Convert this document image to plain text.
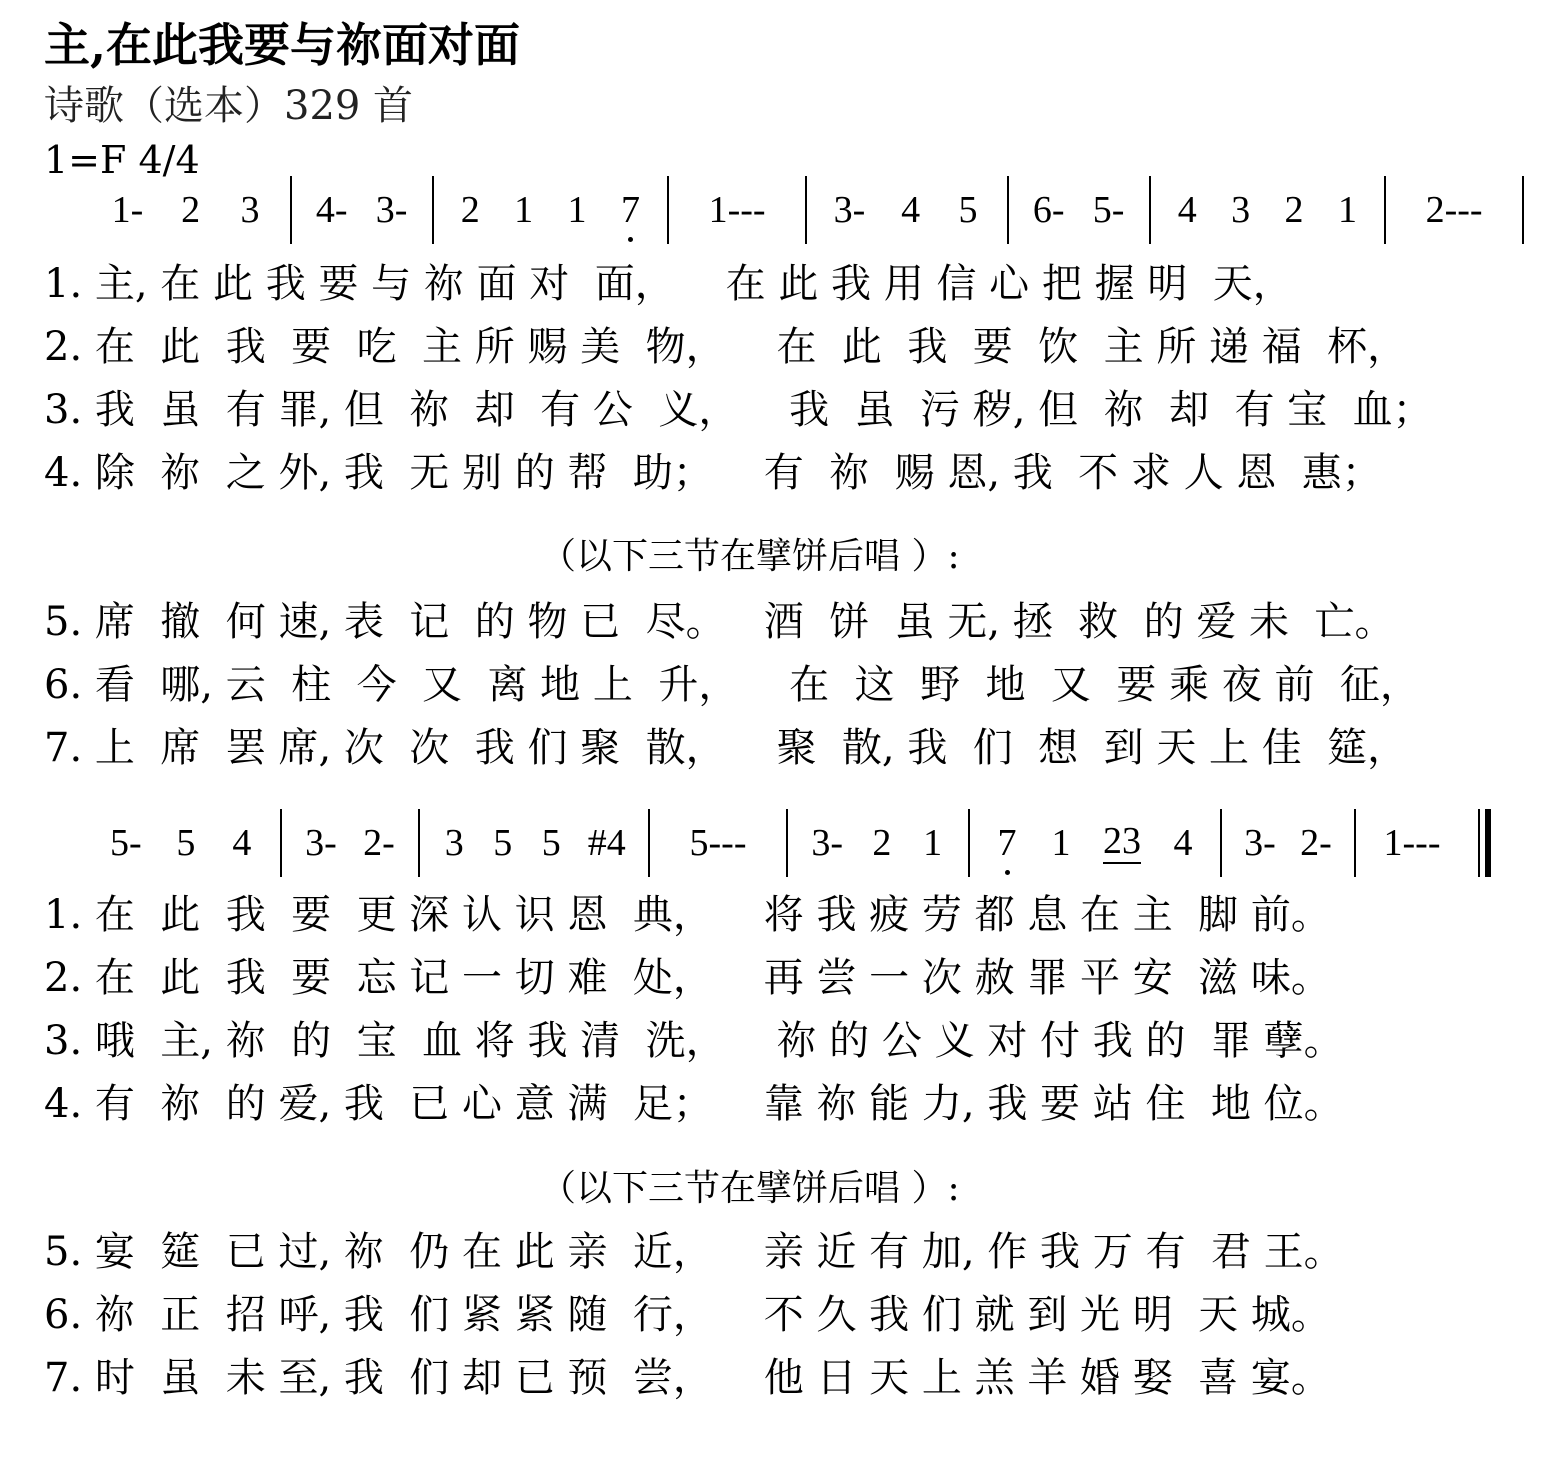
主,在此我要与祢面对面
诗歌（选本）329 首
1=F 4/4
1- 2 3 4- 3- 2 1 1 7 1--- 3- 4 5 6- 5- 4 3 2 1 2---
1. 主, 在 此 我 要 与 祢 面 对  面，    在 此 我 用 信 心 把 握 明  天，
2. 在  此  我  要  吃  主 所 赐 美  物，    在  此  我  要  饮  主 所 递 福  杯，
3. 我  虽  有 罪, 但  祢  却  有 公  义，    我  虽  污 秽, 但  祢  却  有 宝  血；
4. 除  祢  之 外, 我  无 别 的 帮  助；    有  祢  赐 恩, 我  不 求 人 恩  惠；
（以下三节在擘饼后唱 ）:
5. 席  撤  何 速, 表  记  的 物 已  尽。   酒  饼  虽 无, 拯  救  的 爱 未  亡。
6. 看  哪, 云  柱  今  又  离 地 上  升，    在  这  野  地  又  要 乘 夜 前  征，
7. 上  席  罢 席, 次  次  我 们 聚  散，    聚  散, 我  们  想  到 天 上 佳  筵，
5- 5 4 3- 2- 3 5 5 #4 5--- 3- 2 1 7 1 23 4 3- 2- 1---
1. 在  此  我  要  更 深 认 识 恩  典，    将 我 疲 劳 都 息 在 主  脚 前。
2. 在  此  我  要  忘 记 一 切 难  处，    再 尝 一 次 赦 罪 平 安  滋 味。
3. 哦  主, 祢  的  宝  血 将 我 清  洗，    祢 的 公 义 对 付 我 的  罪 孽。
4. 有  祢  的 爱, 我  已 心 意 满  足；    靠 祢 能 力, 我 要 站 住  地 位。
（以下三节在擘饼后唱 ）:
5. 宴  筵  已 过, 祢  仍 在 此 亲  近，    亲 近 有 加, 作 我 万 有  君 王。
6. 祢  正  招 呼, 我  们 紧 紧 随  行，    不 久 我 们 就 到 光 明  天 城。
7. 时  虽  未 至, 我  们 却 已 预  尝，    他 日 天 上 羔 羊 婚 娶  喜 宴。
